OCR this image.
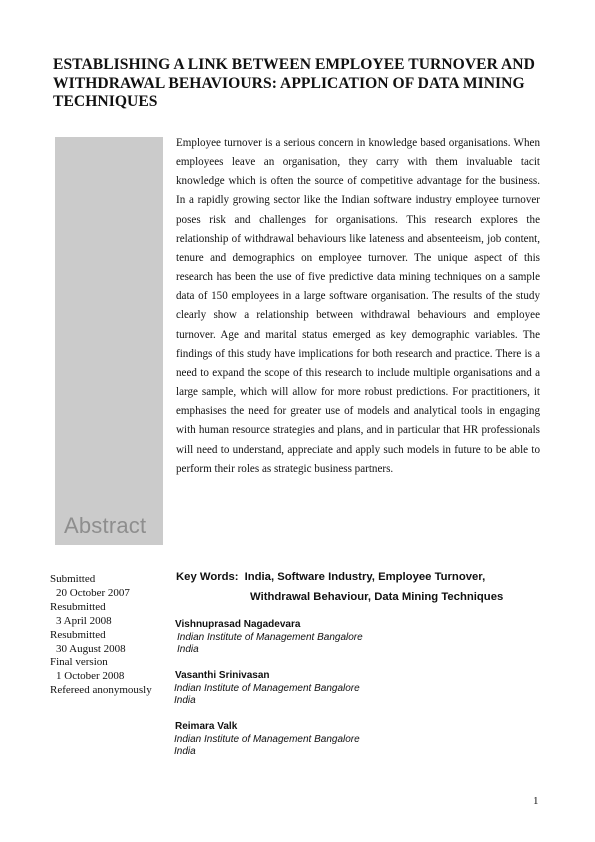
ESTABLISHING A LINK BETWEEN EMPLOYEE TURNOVER AND WITHDRAWAL BEHAVIOURS: APPLICATION OF DATA MINING TECHNIQUES
Abstract

Employee turnover is a serious concern in knowledge based organisations. When employees leave an organisation, they carry with them invaluable tacit knowledge which is often the source of competitive advantage for the business. In a rapidly growing sector like the Indian software industry employee turnover poses risk and challenges for organisations. This research explores the relationship of withdrawal behaviours like lateness and absenteeism, job content, tenure and demographics on employee turnover. The unique aspect of this research has been the use of five predictive data mining techniques on a sample data of 150 employees in a large software organisation. The results of the study clearly show a relationship between withdrawal behaviours and employee turnover. Age and marital status emerged as key demographic variables. The findings of this study have implications for both research and practice. There is a need to expand the scope of this research to include multiple organisations and a large sample, which will allow for more robust predictions. For practitioners, it emphasises the need for greater use of models and analytical tools in engaging with human resource strategies and plans, and in particular that HR professionals will need to understand, appreciate and apply such models in future to be able to perform their roles as strategic business partners.

Submitted
20 October 2007
Resubmitted
3 April 2008
Resubmitted
30 August 2008
Final version
1 October 2008
Refereed anonymously
Key Words: India, Software Industry, Employee Turnover,
Withdrawal Behaviour, Data Mining Techniques
Vishnuprasad Nagadevara
Indian Institute of Management Bangalore
India
Vasanthi Srinivasan
Indian Institute of Management Bangalore
India
Reimara Valk
Indian Institute of Management Bangalore
India
1
